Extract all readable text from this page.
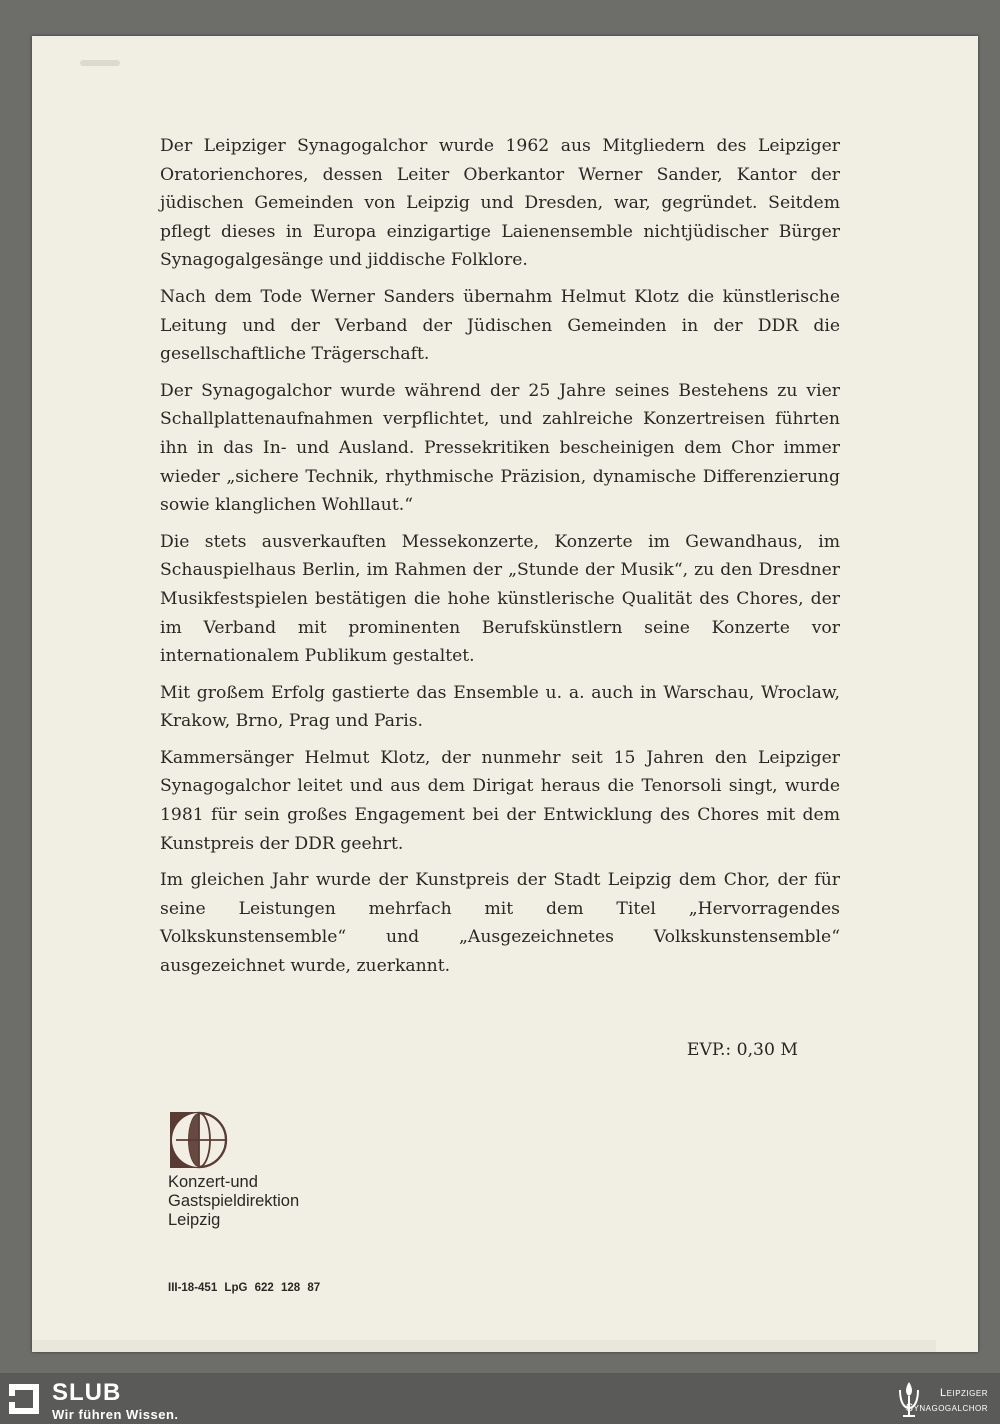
Der Leipziger Synagogalchor wurde 1962 aus Mitgliedern des Leipziger Oratorienchores, dessen Leiter Oberkantor Werner Sander, Kantor der jüdischen Gemeinden von Leipzig und Dresden, war, gegründet. Seitdem pflegt dieses in Europa einzigartige Laienensemble nichtjüdischer Bürger Synagogalgesänge und jiddische Folklore.

Nach dem Tode Werner Sanders übernahm Helmut Klotz die künstlerische Leitung und der Verband der Jüdischen Gemeinden in der DDR die gesellschaftliche Trägerschaft.

Der Synagogalchor wurde während der 25 Jahre seines Bestehens zu vier Schallplattenaufnahmen verpflichtet, und zahlreiche Konzertreisen führten ihn in das In- und Ausland. Pressekritiken bescheinigen dem Chor immer wieder „sichere Technik, rhythmische Präzision, dynamische Differenzierung sowie klanglichen Wohllaut.“

Die stets ausverkauften Messekonzerte, Konzerte im Gewandhaus, im Schauspielhaus Berlin, im Rahmen der „Stunde der Musik“, zu den Dresdner Musikfestspielen bestätigen die hohe künstlerische Qualität des Chores, der im Verband mit prominenten Berufskünstlern seine Konzerte vor internationalem Publikum gestaltet.

Mit großem Erfolg gastierte das Ensemble u. a. auch in Warschau, Wroclaw, Krakow, Brno, Prag und Paris.

Kammersänger Helmut Klotz, der nunmehr seit 15 Jahren den Leipziger Synagogalchor leitet und aus dem Dirigat heraus die Tenorsoli singt, wurde 1981 für sein großes Engagement bei der Entwicklung des Chores mit dem Kunstpreis der DDR geehrt.

Im gleichen Jahr wurde der Kunstpreis der Stadt Leipzig dem Chor, der für seine Leistungen mehrfach mit dem Titel „Hervorragendes Volkskunstensemble“ und „Ausgezeichnetes Volkskunstensemble“ ausgezeichnet wurde, zuerkannt.

EVP.: 0,30 M
Konzert-und
Gastspieldirektion
Leipzig
III-18-451 LpG 622 128 87
SLUB
Wir führen Wissen.
Leipziger
Synagogalchor
